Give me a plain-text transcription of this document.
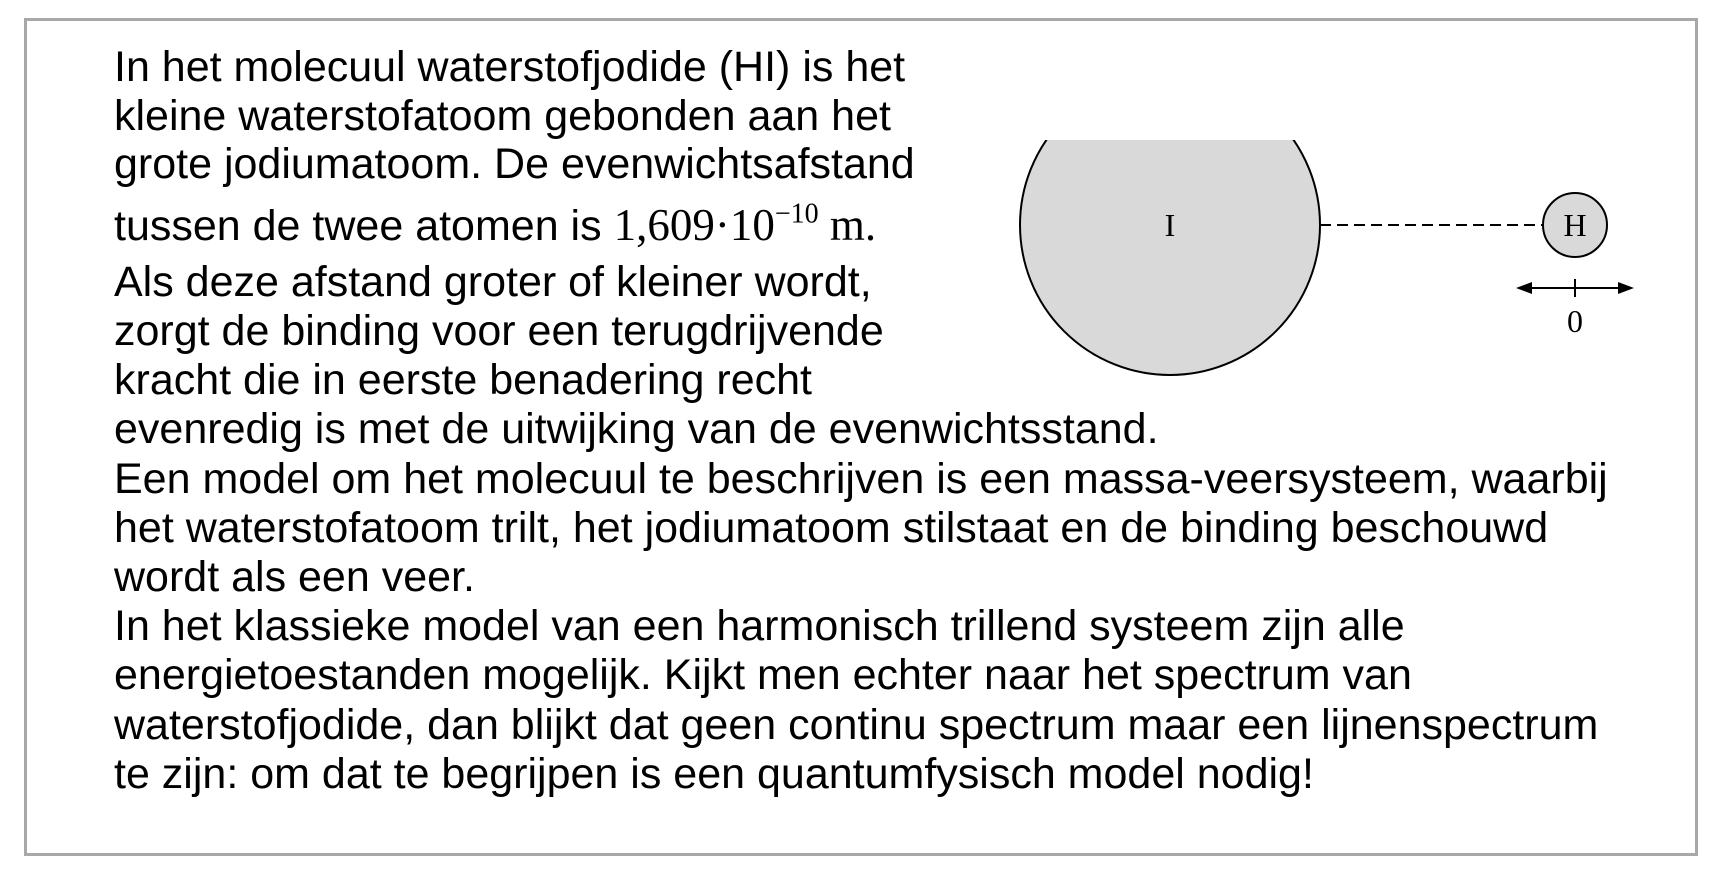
In het molecuul waterstofjodide (HI) is het
kleine waterstofatoom gebonden aan het
grote jodiumatoom. De evenwichtsafstand
tussen de twee atomen is $1,609\cdot 10^{-10}$ m.
Als deze afstand groter of kleiner wordt,
zorgt de binding voor een terugdrijvende
kracht die in eerste benadering recht
evenredig is met de uitwijking van de evenwichtsstand.
Een model om het molecuul te beschrijven is een massa-veersysteem, waarbij
het waterstofatoom trilt, het jodiumatoom stilstaat en de binding beschouwd
wordt als een veer.
In het klassieke model van een harmonisch trillend systeem zijn alle
energietoestanden mogelijk. Kijkt men echter naar het spectrum van
waterstofjodide, dan blijkt dat geen continu spectrum maar een lijnenspectrum
te zijn: om dat te begrijpen is een quantumfysisch model nodig!
I	H
0
